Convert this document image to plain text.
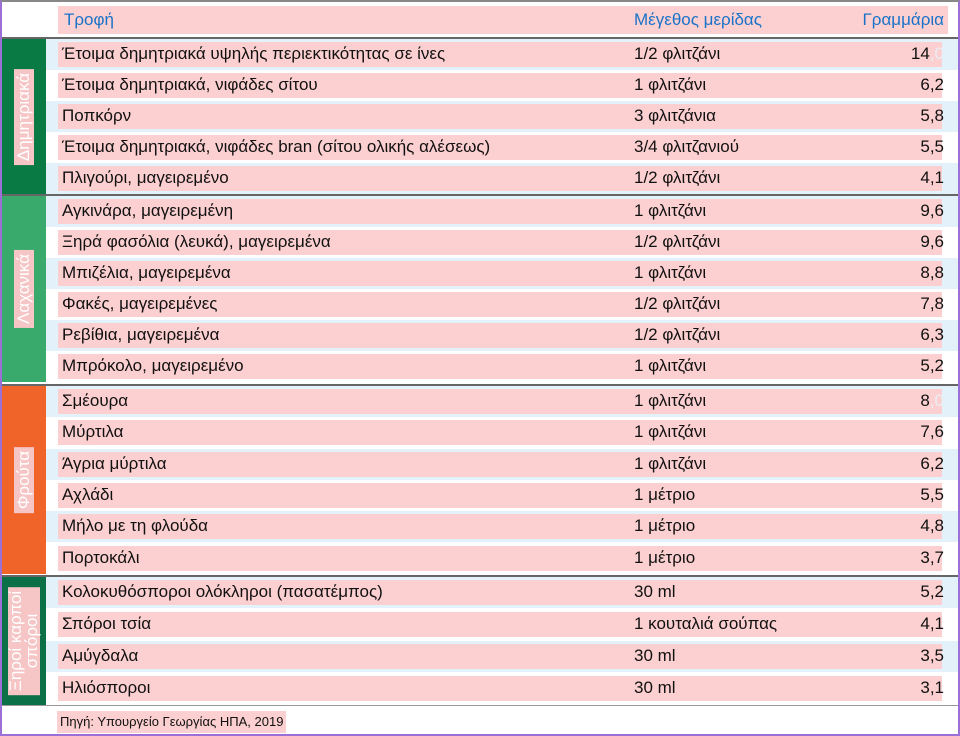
Τροφή	Μέγεθος μερίδας	Γραμμάρια
Δημητριακά
Έτοιμα δημητριακά υψηλής περιεκτικότητας σε ίνες	1/2 φλιτζάνι	14,0
Έτοιμα δημητριακά, νιφάδες σίτου	1 φλιτζάνι	6,2
Ποπκόρν	3 φλιτζάνια	5,8
Έτοιμα δημητριακά, νιφάδες bran (σίτου ολικής αλέσεως)	3/4 φλιτζανιού	5,5
Πλιγούρι, μαγειρεμένο	1/2 φλιτζάνι	4,1
Λαχανικά
Αγκινάρα, μαγειρεμένη	1 φλιτζάνι	9,6
Ξηρά φασόλια (λευκά), μαγειρεμένα	1/2 φλιτζάνι	9,6
Μπιζέλια, μαγειρεμένα	1 φλιτζάνι	8,8
Φακές, μαγειρεμένες	1/2 φλιτζάνι	7,8
Ρεβίθια, μαγειρεμένα	1/2 φλιτζάνι	6,3
Μπρόκολο, μαγειρεμένο	1 φλιτζάνι	5,2
Φρούτα
Σμέουρα	1 φλιτζάνι	8,0
Μύρτιλα	1 φλιτζάνι	7,6
Άγρια μύρτιλα	1 φλιτζάνι	6,2
Αχλάδι	1 μέτριο	5,5
Μήλο με τη φλούδα	1 μέτριο	4,8
Πορτοκάλι	1 μέτριο	3,7
Ξηροί καρποί
σπόροι
Κολοκυθόσποροι ολόκληροι (πασατέμπος)	30 ml	5,2
Σπόροι τσία	1 κουταλιά σούπας	4,1
Αμύγδαλα	30 ml	3,5
Ηλιόσποροι	30 ml	3,1
Πηγή: Υπουργείο Γεωργίας ΗΠΑ, 2019
